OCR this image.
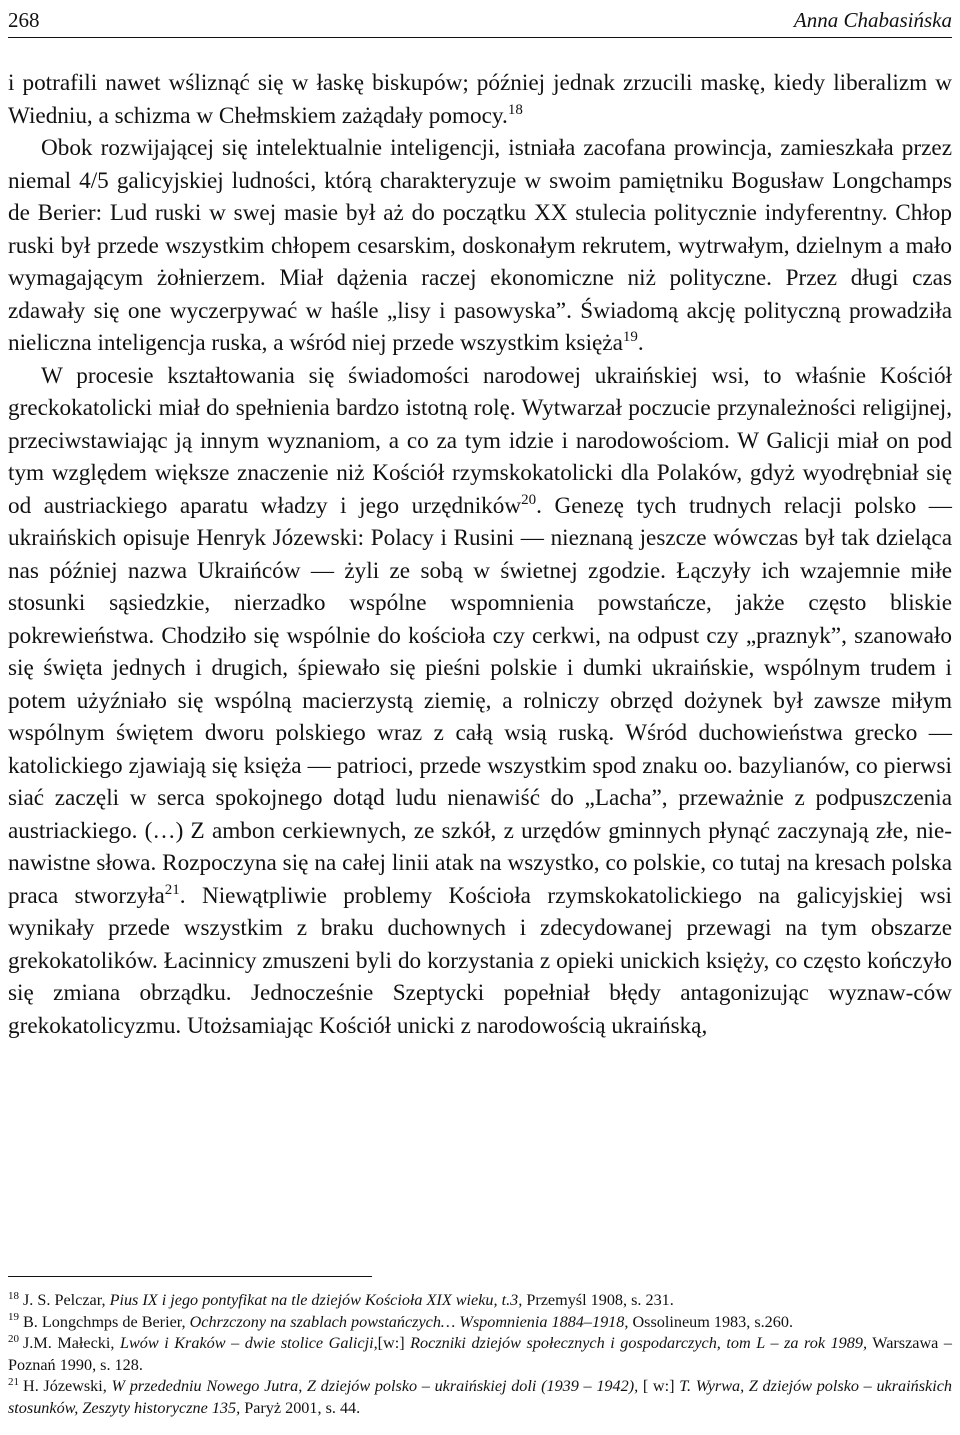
268	Anna Chabasińska

i potrafili nawet wśliznąć się w łaskę biskupów; później jednak zrzucili maskę, kiedy liberalizm w Wiedniu, a schizma w Chełmskiem zażądały pomocy.$^{18}$

Obok rozwijającej się intelektualnie inteligencji, istniała zacofana prowincja, zamieszkała przez niemal 4/5 galicyjskiej ludności, którą charakteryzuje w swoim pamiętniku Bogusław Longchamps de Berier: Lud ruski w swej masie był aż do początku XX stulecia politycznie indyferentny. Chłop ruski był przede wszystkim chłopem cesarskim, doskonałym rekrutem, wytrwałym, dzielnym a mało wymagającym żołnierzem. Miał dążenia raczej ekonomiczne niż polityczne. Przez długi czas zdawały się one wyczerpywać w haśle „lisy i pasowyska”. Świadomą akcję polityczną prowadziła nieliczna inteligencja ruska, a wśród niej przede wszystkim księża$^{19}$.

W procesie kształtowania się świadomości narodowej ukraińskiej wsi, to właśnie Kościół greckokatolicki miał do spełnienia bardzo istotną rolę. Wytwarzał poczucie przynależności religijnej, przeciwstawiając ją innym wyznaniom, a co za tym idzie i narodowościom. W Galicji miał on pod tym względem większe znaczenie niż Kościół rzymskokatolicki dla Polaków, gdyż wyodrębniał się od austriackiego aparatu władzy i jego urzędników$^{20}$. Genezę tych trudnych relacji polsko — ukraińskich opisuje Henryk Józewski: Polacy i Rusini — nieznaną jeszcze wówczas był tak dzieląca nas później nazwa Ukraińców — żyli ze sobą w świetnej zgodzie. Łączyły ich wzajemnie miłe stosunki sąsiedzkie, nierzadko wspólne wspomnienia powstańcze, jakże często bliskie pokrewieństwa. Chodziło się wspólnie do kościoła czy cerkwi, na odpust czy „praznyk”, szanowało się święta jednych i drugich, śpiewało się pieśni polskie i dumki ukraińskie, wspólnym trudem i potem użyźniało się wspólną macierzystą ziemię, a rolniczy obrzęd dożynek był zawsze miłym wspólnym świętem dworu polskiego wraz z całą wsią ruską. Wśród duchowieństwa grecko — katolickiego zjawiają się księża — patrioci, przede wszystkim spod znaku oo. bazylianów, co pierwsi siać zaczęli w serca spokojnego dotąd ludu nienawiść do „Lacha”, przeważnie z podpuszczenia austriackiego. (…) Z ambon cerkiewnych, ze szkół, z urzędów gminnych płynąć zaczynają złe, nie-nawistne słowa. Rozpoczyna się na całej linii atak na wszystko, co polskie, co tutaj na kresach polska praca stworzyła$^{21}$. Niewątpliwie problemy Kościoła rzymskokatolickiego na galicyjskiej wsi wynikały przede wszystkim z braku duchownych i zdecydowanej przewagi na tym obszarze grekokatolików. Łacinnicy zmuszeni byli do korzystania z opieki unickich księży, co często kończyło się zmiana obrządku. Jednocześnie Szeptycki popełniał błędy antagonizując wyznaw-ców grekokatolicyzmu. Utożsamiając Kościół unicki z narodowością ukraińską,

$^{18}$ J. S. Pelczar, Pius IX i jego pontyfikat na tle dziejów Kościoła XIX wieku, t.3, Przemyśl 1908, s. 231.
$^{19}$ B. Longchmps de Berier, Ochrzczony na szablach powstańczych… Wspomnienia 1884–1918, Ossolineum 1983, s.260.
$^{20}$ J.M. Małecki, Lwów i Kraków – dwie stolice Galicji,[w:] Roczniki dziejów społecznych i gospodarczych, tom L – za rok 1989, Warszawa – Poznań 1990, s. 128.
$^{21}$ H. Józewski, W przededniu Nowego Jutra, Z dziejów polsko – ukraińskiej doli (1939 – 1942), [ w:] T. Wyrwa, Z dziejów polsko – ukraińskich stosunków, Zeszyty historyczne 135, Paryż 2001, s. 44.
